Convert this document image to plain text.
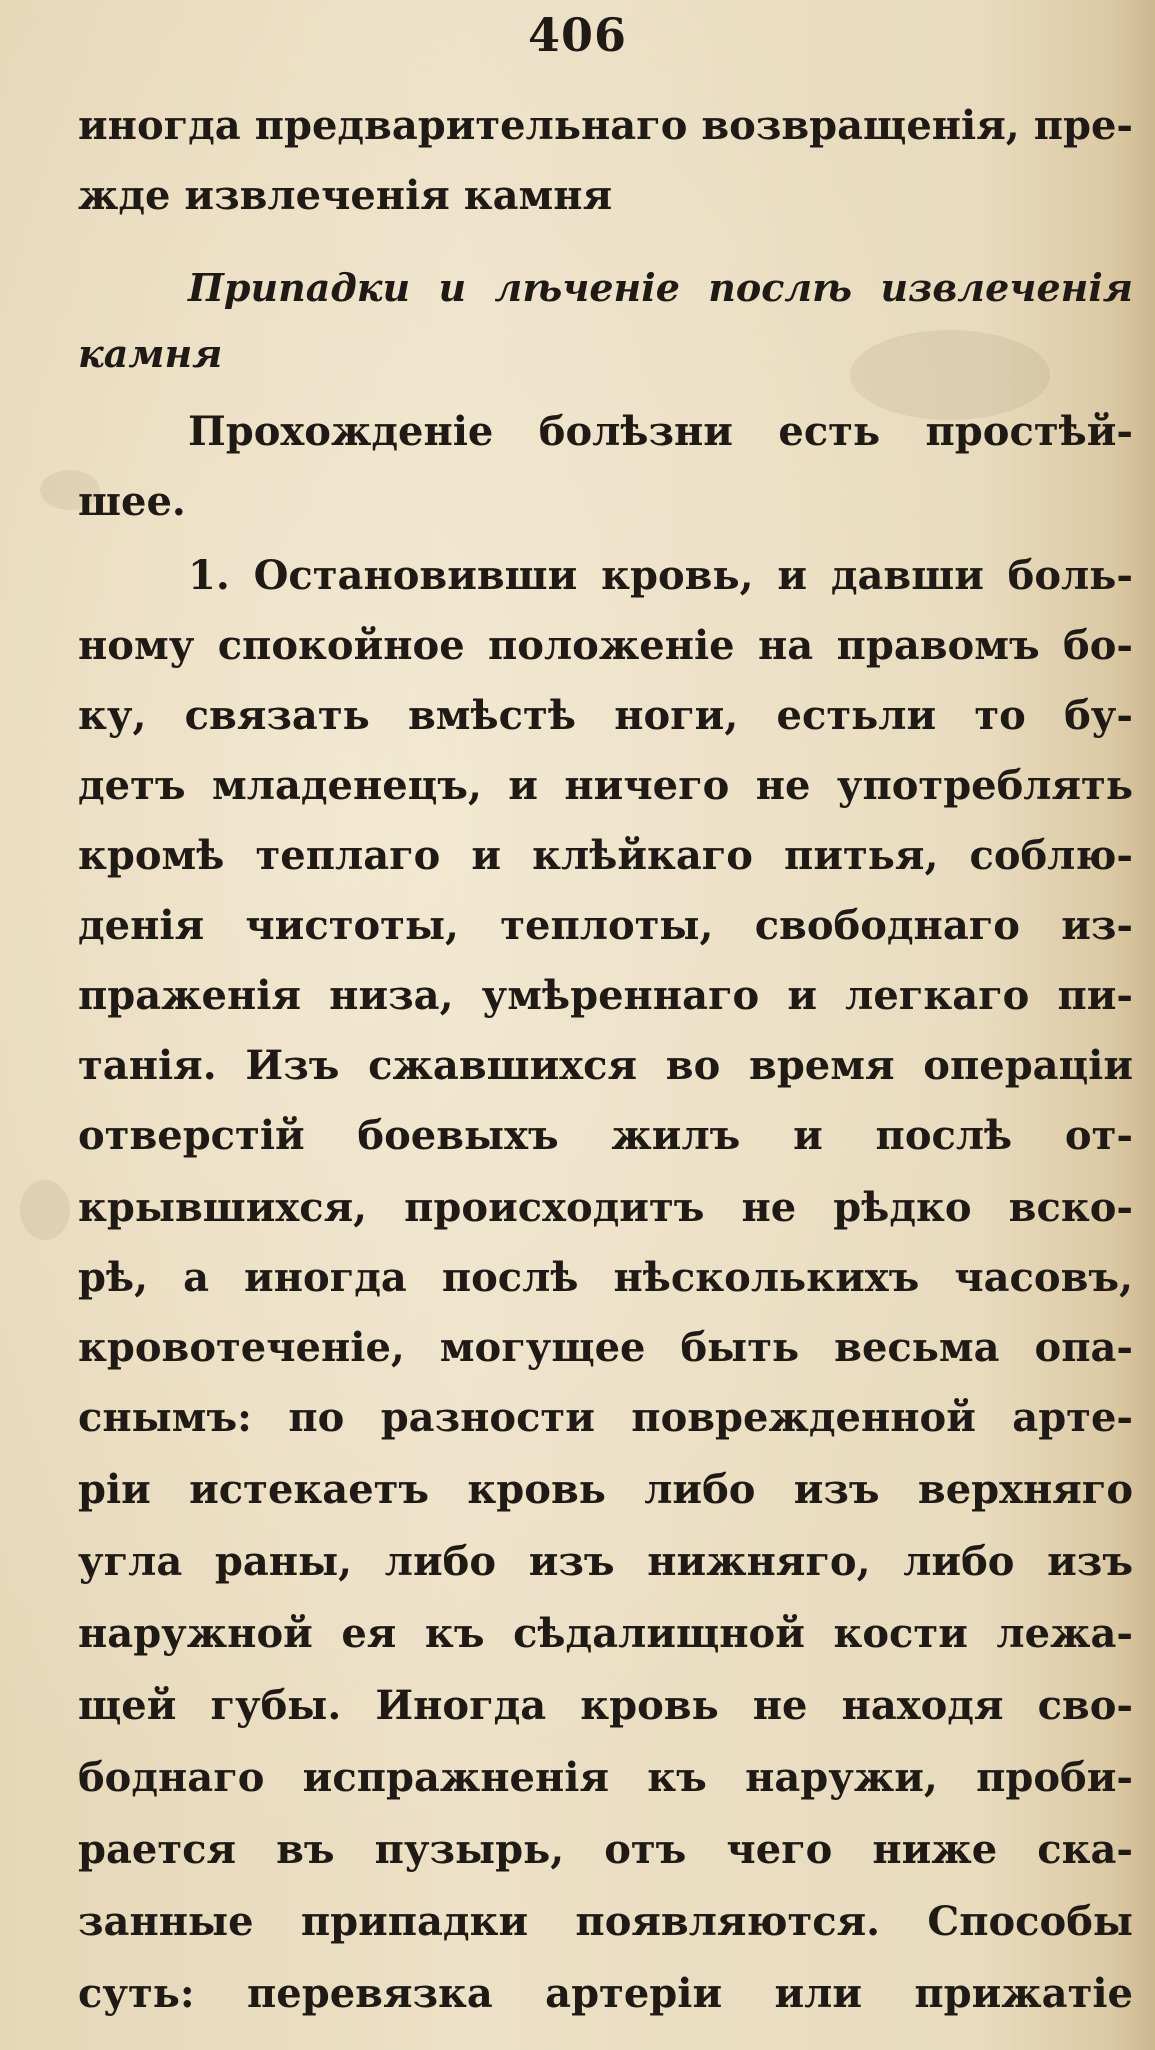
406
иногда предварительнаго возвращенія, пре-
жде извлеченія камня
Припадки и лѣченіе послѣ извлеченія
камня
Прохожденіе болѣзни есть простѣй-
шее.
1. Остановивши кровь, и давши боль-
ному спокойное положеніе на правомъ бо-
ку, связать вмѣстѣ ноги, естьли то бу-
детъ младенецъ, и ничего не употреблять
кромѣ теплаго и клѣйкаго питья, соблю-
денія чистоты, теплоты, свободнаго из-
праженія низа, умѣреннаго и легкаго пи-
танія. Изъ сжавшихся во время операціи
отверстій боевыхъ жилъ и послѣ от-
крывшихся, происходитъ не рѣдко вско-
рѣ, а иногда послѣ нѣсколькихъ часовъ,
кровотеченіе, могущее быть весьма опа-
снымъ: по разности поврежденной арте-
ріи истекаетъ кровь либо изъ верхняго
угла раны, либо изъ нижняго, либо изъ
наружной ея къ сѣдалищной кости лежа-
щей губы. Иногда кровь не находя сво-
боднаго испражненія къ наружи, проби-
рается въ пузырь, отъ чего ниже ска-
занные припадки появляются. Способы
суть: перевязка артеріи или прижатіе
